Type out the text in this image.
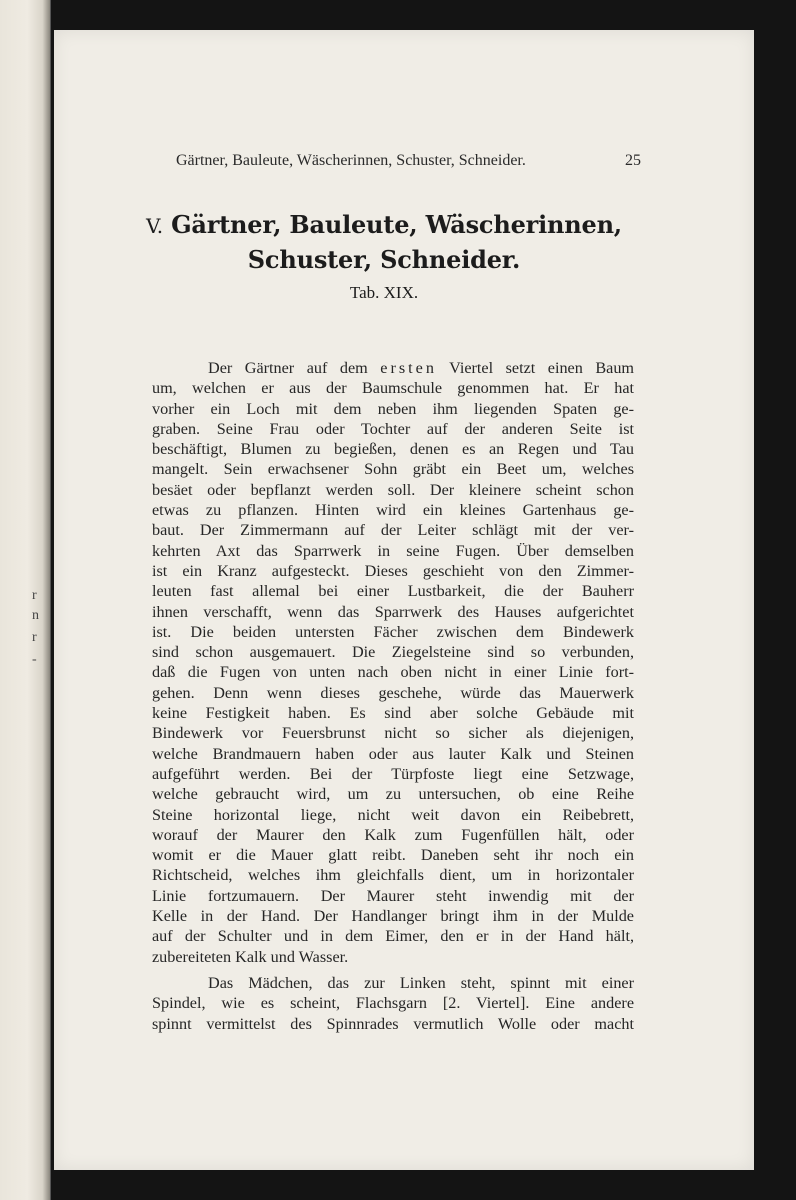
r
n
r
-
Gärtner, Bauleute, Wäscherinnen, Schuster, Schneider.	25
V. Gärtner, Bauleute, Wäscherinnen,
Schuster, Schneider.
Tab. XIX.
Der Gärtner auf dem ersten Viertel setzt einen Baum
um, welchen er aus der Baumschule genommen hat. Er hat
vorher ein Loch mit dem neben ihm liegenden Spaten ge-
graben. Seine Frau oder Tochter auf der anderen Seite ist
beschäftigt, Blumen zu begießen, denen es an Regen und Tau
mangelt. Sein erwachsener Sohn gräbt ein Beet um, welches
besäet oder bepflanzt werden soll. Der kleinere scheint schon
etwas zu pflanzen. Hinten wird ein kleines Gartenhaus ge-
baut. Der Zimmermann auf der Leiter schlägt mit der ver-
kehrten Axt das Sparrwerk in seine Fugen. Über demselben
ist ein Kranz aufgesteckt. Dieses geschieht von den Zimmer-
leuten fast allemal bei einer Lustbarkeit, die der Bauherr
ihnen verschafft, wenn das Sparrwerk des Hauses aufgerichtet
ist. Die beiden untersten Fächer zwischen dem Bindewerk
sind schon ausgemauert. Die Ziegelsteine sind so verbunden,
daß die Fugen von unten nach oben nicht in einer Linie fort-
gehen. Denn wenn dieses geschehe, würde das Mauerwerk
keine Festigkeit haben. Es sind aber solche Gebäude mit
Bindewerk vor Feuersbrunst nicht so sicher als diejenigen,
welche Brandmauern haben oder aus lauter Kalk und Steinen
aufgeführt werden. Bei der Türpfoste liegt eine Setzwage,
welche gebraucht wird, um zu untersuchen, ob eine Reihe
Steine horizontal liege, nicht weit davon ein Reibebrett,
worauf der Maurer den Kalk zum Fugenfüllen hält, oder
womit er die Mauer glatt reibt. Daneben seht ihr noch ein
Richtscheid, welches ihm gleichfalls dient, um in horizontaler
Linie fortzumauern. Der Maurer steht inwendig mit der
Kelle in der Hand. Der Handlanger bringt ihm in der Mulde
auf der Schulter und in dem Eimer, den er in der Hand hält,
zubereiteten Kalk und Wasser.
Das Mädchen, das zur Linken steht, spinnt mit einer
Spindel, wie es scheint, Flachsgarn [2. Viertel]. Eine andere
spinnt vermittelst des Spinnrades vermutlich Wolle oder macht
